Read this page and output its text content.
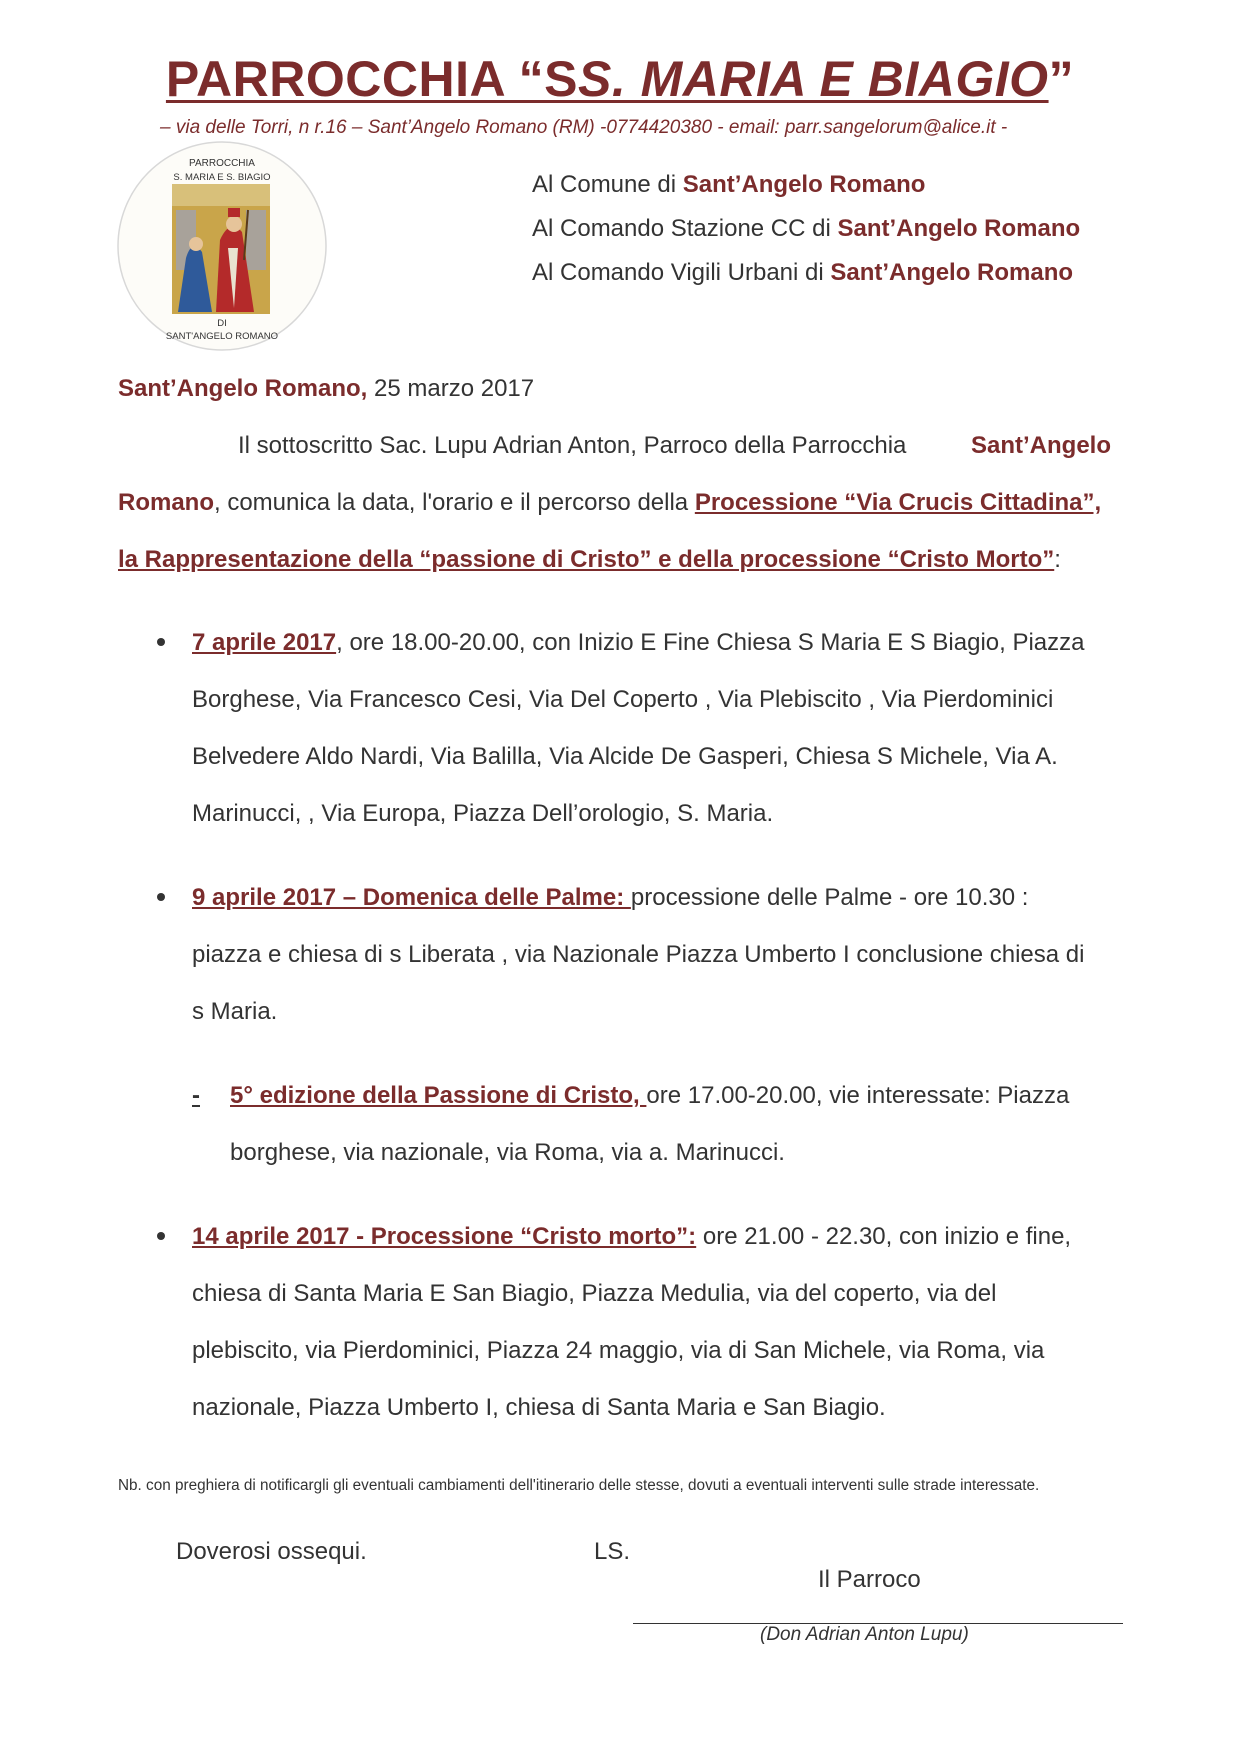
PARROCCHIA “SS. MARIA E BIAGIO”
– via delle Torri, n r.16 – Sant’Angelo Romano (RM) -0774420380 - email: parr.sangelorum@alice.it -
PARROCCHIA
S. MARIA E S. BIAGIO
DI
SANT'ANGELO ROMANO
Al Comune di Sant’Angelo Romano
Al Comando Stazione CC di Sant’Angelo Romano
Al Comando Vigili Urbani di Sant’Angelo Romano
Sant’Angelo Romano, 25 marzo 2017
Il sottoscritto Sac. Lupu Adrian Anton, Parroco della Parrocchia	Sant’Angelo
Romano, comunica la data, l'orario e il percorso della Processione “Via Crucis Cittadina”,
la Rappresentazione della “passione di Cristo” e della processione “Cristo Morto”:
7 aprile 2017, ore 18.00-20.00, con Inizio E Fine Chiesa S Maria E S Biagio, Piazza
Borghese, Via Francesco Cesi, Via Del Coperto , Via Plebiscito , Via Pierdominici
Belvedere Aldo Nardi, Via Balilla, Via Alcide De Gasperi, Chiesa S Michele, Via A.
Marinucci, , Via Europa, Piazza Dell’orologio, S. Maria.
9 aprile 2017 – Domenica delle Palme: processione delle Palme - ore 10.30 :
piazza e chiesa di s Liberata , via Nazionale Piazza Umberto I conclusione chiesa di
s Maria.
- 5° edizione della Passione di Cristo, ore 17.00-20.00, vie interessate: Piazza
borghese, via nazionale, via Roma, via a. Marinucci.
14 aprile 2017 - Processione “Cristo morto”: ore 21.00 - 22.30, con inizio e fine,
chiesa di Santa Maria E San Biagio, Piazza Medulia, via del coperto, via del
plebiscito, via Pierdominici, Piazza 24 maggio, via di San Michele, via Roma, via
nazionale, Piazza Umberto I, chiesa di Santa Maria e San Biagio.
Nb. con preghiera di notificargli gli eventuali cambiamenti dell'itinerario delle stesse, dovuti a eventuali interventi sulle strade interessate.
Doverosi ossequi.	LS.
Il Parroco
(Don Adrian Anton Lupu)
